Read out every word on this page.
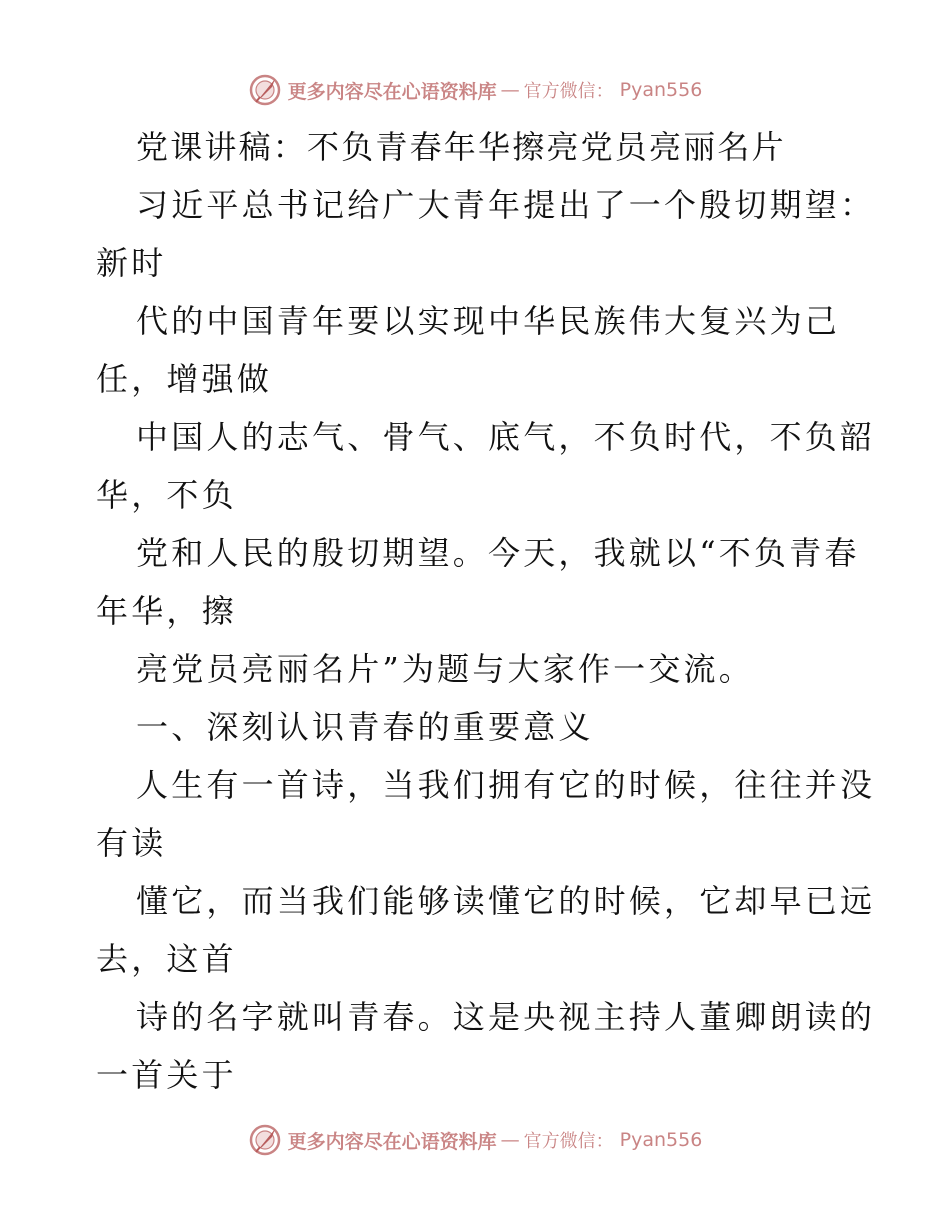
更多内容尽在心语资料库 — 官方微信： Pyan556
党课讲稿：不负青春年华擦亮党员亮丽名片
习近平总书记给广大青年提出了一个殷切期望：
新时
代的中国青年要以实现中华民族伟大复兴为己
任，增强做
中国人的志气、骨气、底气，不负时代，不负韶
华，不负
党和人民的殷切期望。今天，我就以“不负青春
年华，擦
亮党员亮丽名片”为题与大家作一交流。
一、深刻认识青春的重要意义
人生有一首诗，当我们拥有它的时候，往往并没
有读
懂它，而当我们能够读懂它的时候，它却早已远
去，这首
诗的名字就叫青春。这是央视主持人董卿朗读的
一首关于
更多内容尽在心语资料库 — 官方微信： Pyan556
